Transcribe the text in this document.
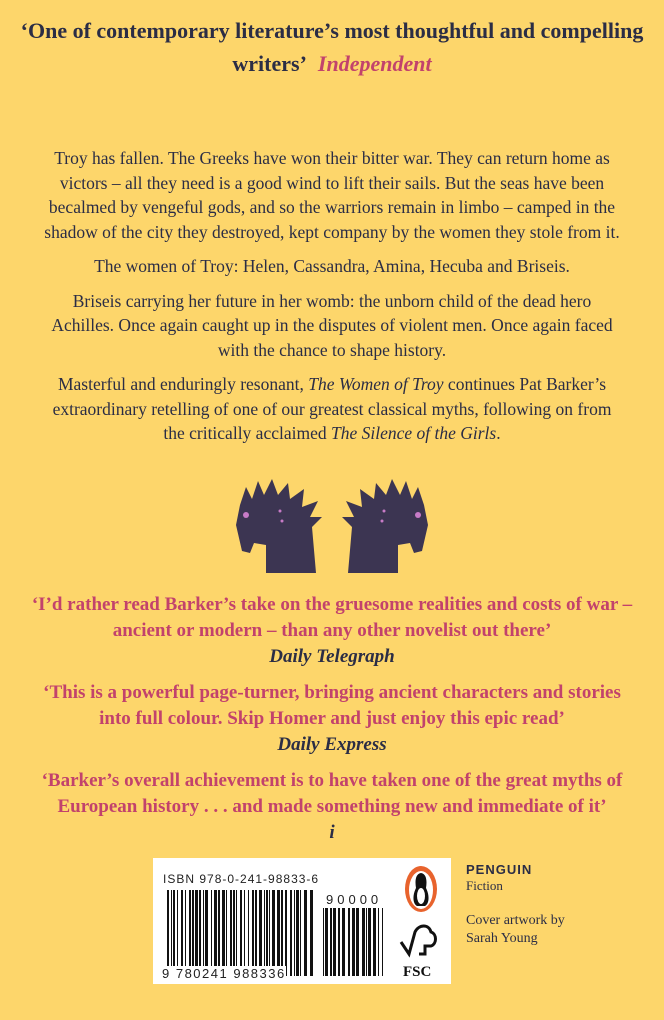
‘One of contemporary literature’s most thoughtful and compelling writers’ Independent

Troy has fallen. The Greeks have won their bitter war. They can return home as victors – all they need is a good wind to lift their sails. But the seas have been becalmed by vengeful gods, and so the warriors remain in limbo – camped in the shadow of the city they destroyed, kept company by the women they stole from it.

The women of Troy: Helen, Cassandra, Amina, Hecuba and Briseis.

Briseis carrying her future in her womb: the unborn child of the dead hero Achilles. Once again caught up in the disputes of violent men. Once again faced with the chance to shape history.

Masterful and enduringly resonant, The Women of Troy continues Pat Barker’s extraordinary retelling of one of our greatest classical myths, following on from the critically acclaimed The Silence of the Girls.

‘I’d rather read Barker’s take on the gruesome realities and costs of war – ancient or modern – than any other novelist out there’
Daily Telegraph
‘This is a powerful page-turner, bringing ancient characters and stories into full colour. Skip Homer and just enjoy this epic read’
Daily Express
‘Barker’s overall achievement is to have taken one of the great myths of European history . . . and made something new and immediate of it’
i
ISBN 978-0-241-98833-6
90000
9 780241 988336	FSC
PENGUIN
Fiction
Cover artwork by
Sarah Young
